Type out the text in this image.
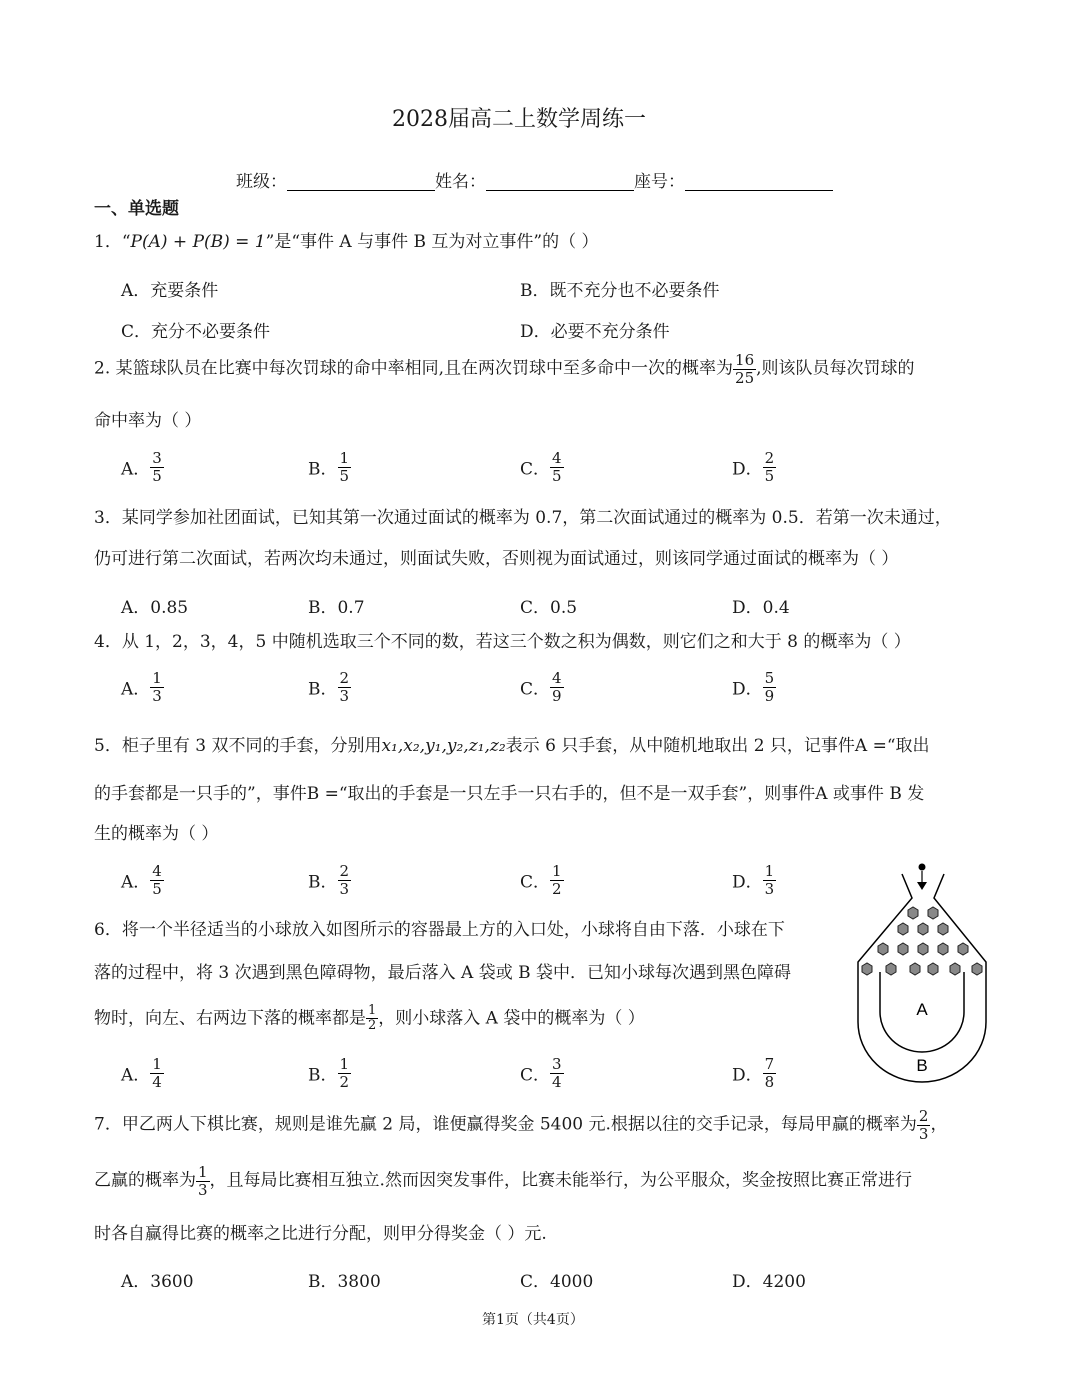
2028届高二上数学周练一
班级：	姓名：	座号：
一、单选题
1．“P(A) + P(B) = 1”是“事件 A 与事件 B 互为对立事件”的（ ）
A．充要条件	B．既不充分也不必要条件
C．充分不必要条件	D．必要不充分条件
2. 某篮球队员在比赛中每次罚球的命中率相同,且在两次罚球中至多命中一次的概率为 $\frac{16}{25}$ ,则该队员每次罚球的
命中率为（ ）
A． $\frac{3}{5}$	B． $\frac{1}{5}$	C． $\frac{4}{5}$	D． $\frac{2}{5}$
3．某同学参加社团面试，已知其第一次通过面试的概率为 0.7，第二次面试通过的概率为 0.5．若第一次未通过，
仍可进行第二次面试，若两次均未通过，则面试失败，否则视为面试通过，则该同学通过面试的概率为（ ）
A．0.85	B．0.7	C．0.5	D．0.4
4．从 1，2，3，4，5 中随机选取三个不同的数，若这三个数之积为偶数，则它们之和大于 8 的概率为（ ）
A． $\frac{1}{3}$	B． $\frac{2}{3}$	C． $\frac{4}{9}$	D． $\frac{5}{9}$
5．柜子里有 3 双不同的手套，分别用x₁,x₂,y₁,y₂,z₁,z₂表示 6 只手套，从中随机地取出 2 只，记事件A =“取出
的手套都是一只手的”，事件B =“取出的手套是一只左手一只右手的，但不是一双手套”，则事件A 或事件 B 发
生的概率为（ ）
A． $\frac{4}{5}$	B． $\frac{2}{3}$	C． $\frac{1}{2}$	D． $\frac{1}{3}$
6．将一个半径适当的小球放入如图所示的容器最上方的入口处，小球将自由下落．小球在下
落的过程中，将 3 次遇到黑色障碍物，最后落入 A 袋或 B 袋中．已知小球每次遇到黑色障碍
物时，向左、右两边下落的概率都是 $\frac{1}{2}$ ，则小球落入 A 袋中的概率为（ ）	A
B
A． $\frac{1}{4}$	B． $\frac{1}{2}$	C． $\frac{3}{4}$	D． $\frac{7}{8}$
7．甲乙两人下棋比赛，规则是谁先赢 2 局，谁便赢得奖金 5400 元.根据以往的交手记录，每局甲赢的概率为 $\frac{2}{3}$ ，
乙赢的概率为 $\frac{1}{3}$ ，且每局比赛相互独立.然而因突发事件，比赛未能举行，为公平服众，奖金按照比赛正常进行
时各自赢得比赛的概率之比进行分配，则甲分得奖金（ ）元.
A．3600	B．3800	C．4000	D．4200
第1页（共4页）
